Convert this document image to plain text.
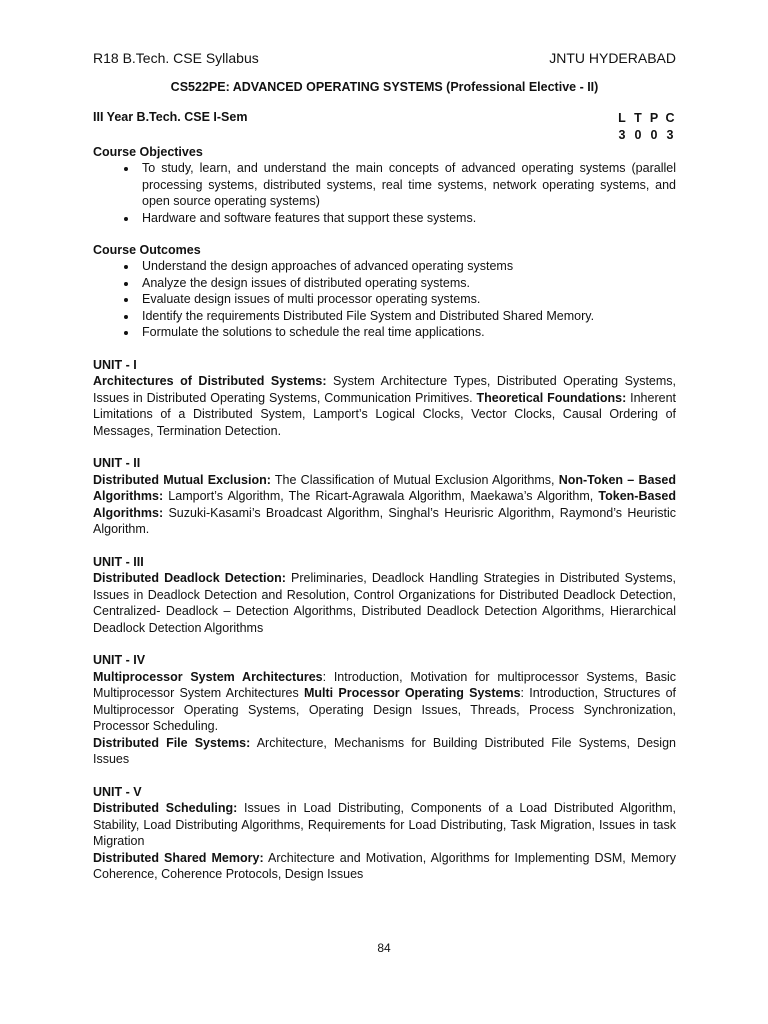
R18 B.Tech. CSE Syllabus	JNTU HYDERABAD
CS522PE: ADVANCED OPERATING SYSTEMS (Professional Elective - II)
III Year B.Tech. CSE I-Sem	L T P C
3 0 0 3
Course Objectives
• To study, learn, and understand the main concepts of advanced operating systems (parallel processing systems, distributed systems, real time systems, network operating systems, and open source operating systems)
• Hardware and software features that support these systems.
Course Outcomes
• Understand the design approaches of advanced operating systems
• Analyze the design issues of distributed operating systems.
• Evaluate design issues of multi processor operating systems.
• Identify the requirements Distributed File System and Distributed Shared Memory.
• Formulate the solutions to schedule the real time applications.
UNIT - I
Architectures of Distributed Systems: System Architecture Types, Distributed Operating Systems, Issues in Distributed Operating Systems, Communication Primitives. Theoretical Foundations: Inherent Limitations of a Distributed System, Lamport’s Logical Clocks, Vector Clocks, Causal Ordering of Messages, Termination Detection.
UNIT - II
Distributed Mutual Exclusion: The Classification of Mutual Exclusion Algorithms, Non-Token – Based Algorithms: Lamport’s Algorithm, The Ricart-Agrawala Algorithm, Maekawa’s Algorithm, Token-Based Algorithms: Suzuki-Kasami’s Broadcast Algorithm, Singhal’s Heurisric Algorithm, Raymond’s Heuristic Algorithm.
UNIT - III
Distributed Deadlock Detection: Preliminaries, Deadlock Handling Strategies in Distributed Systems, Issues in Deadlock Detection and Resolution, Control Organizations for Distributed Deadlock Detection, Centralized- Deadlock – Detection Algorithms, Distributed Deadlock Detection Algorithms, Hierarchical Deadlock Detection Algorithms
UNIT - IV
Multiprocessor System Architectures: Introduction, Motivation for multiprocessor Systems, Basic Multiprocessor System Architectures Multi Processor Operating Systems: Introduction, Structures of Multiprocessor Operating Systems, Operating Design Issues, Threads, Process Synchronization, Processor Scheduling.
Distributed File Systems: Architecture, Mechanisms for Building Distributed File Systems, Design Issues
UNIT - V
Distributed Scheduling: Issues in Load Distributing, Components of a Load Distributed Algorithm, Stability, Load Distributing Algorithms, Requirements for Load Distributing, Task Migration, Issues in task Migration
Distributed Shared Memory: Architecture and Motivation, Algorithms for Implementing DSM, Memory Coherence, Coherence Protocols, Design Issues
84
